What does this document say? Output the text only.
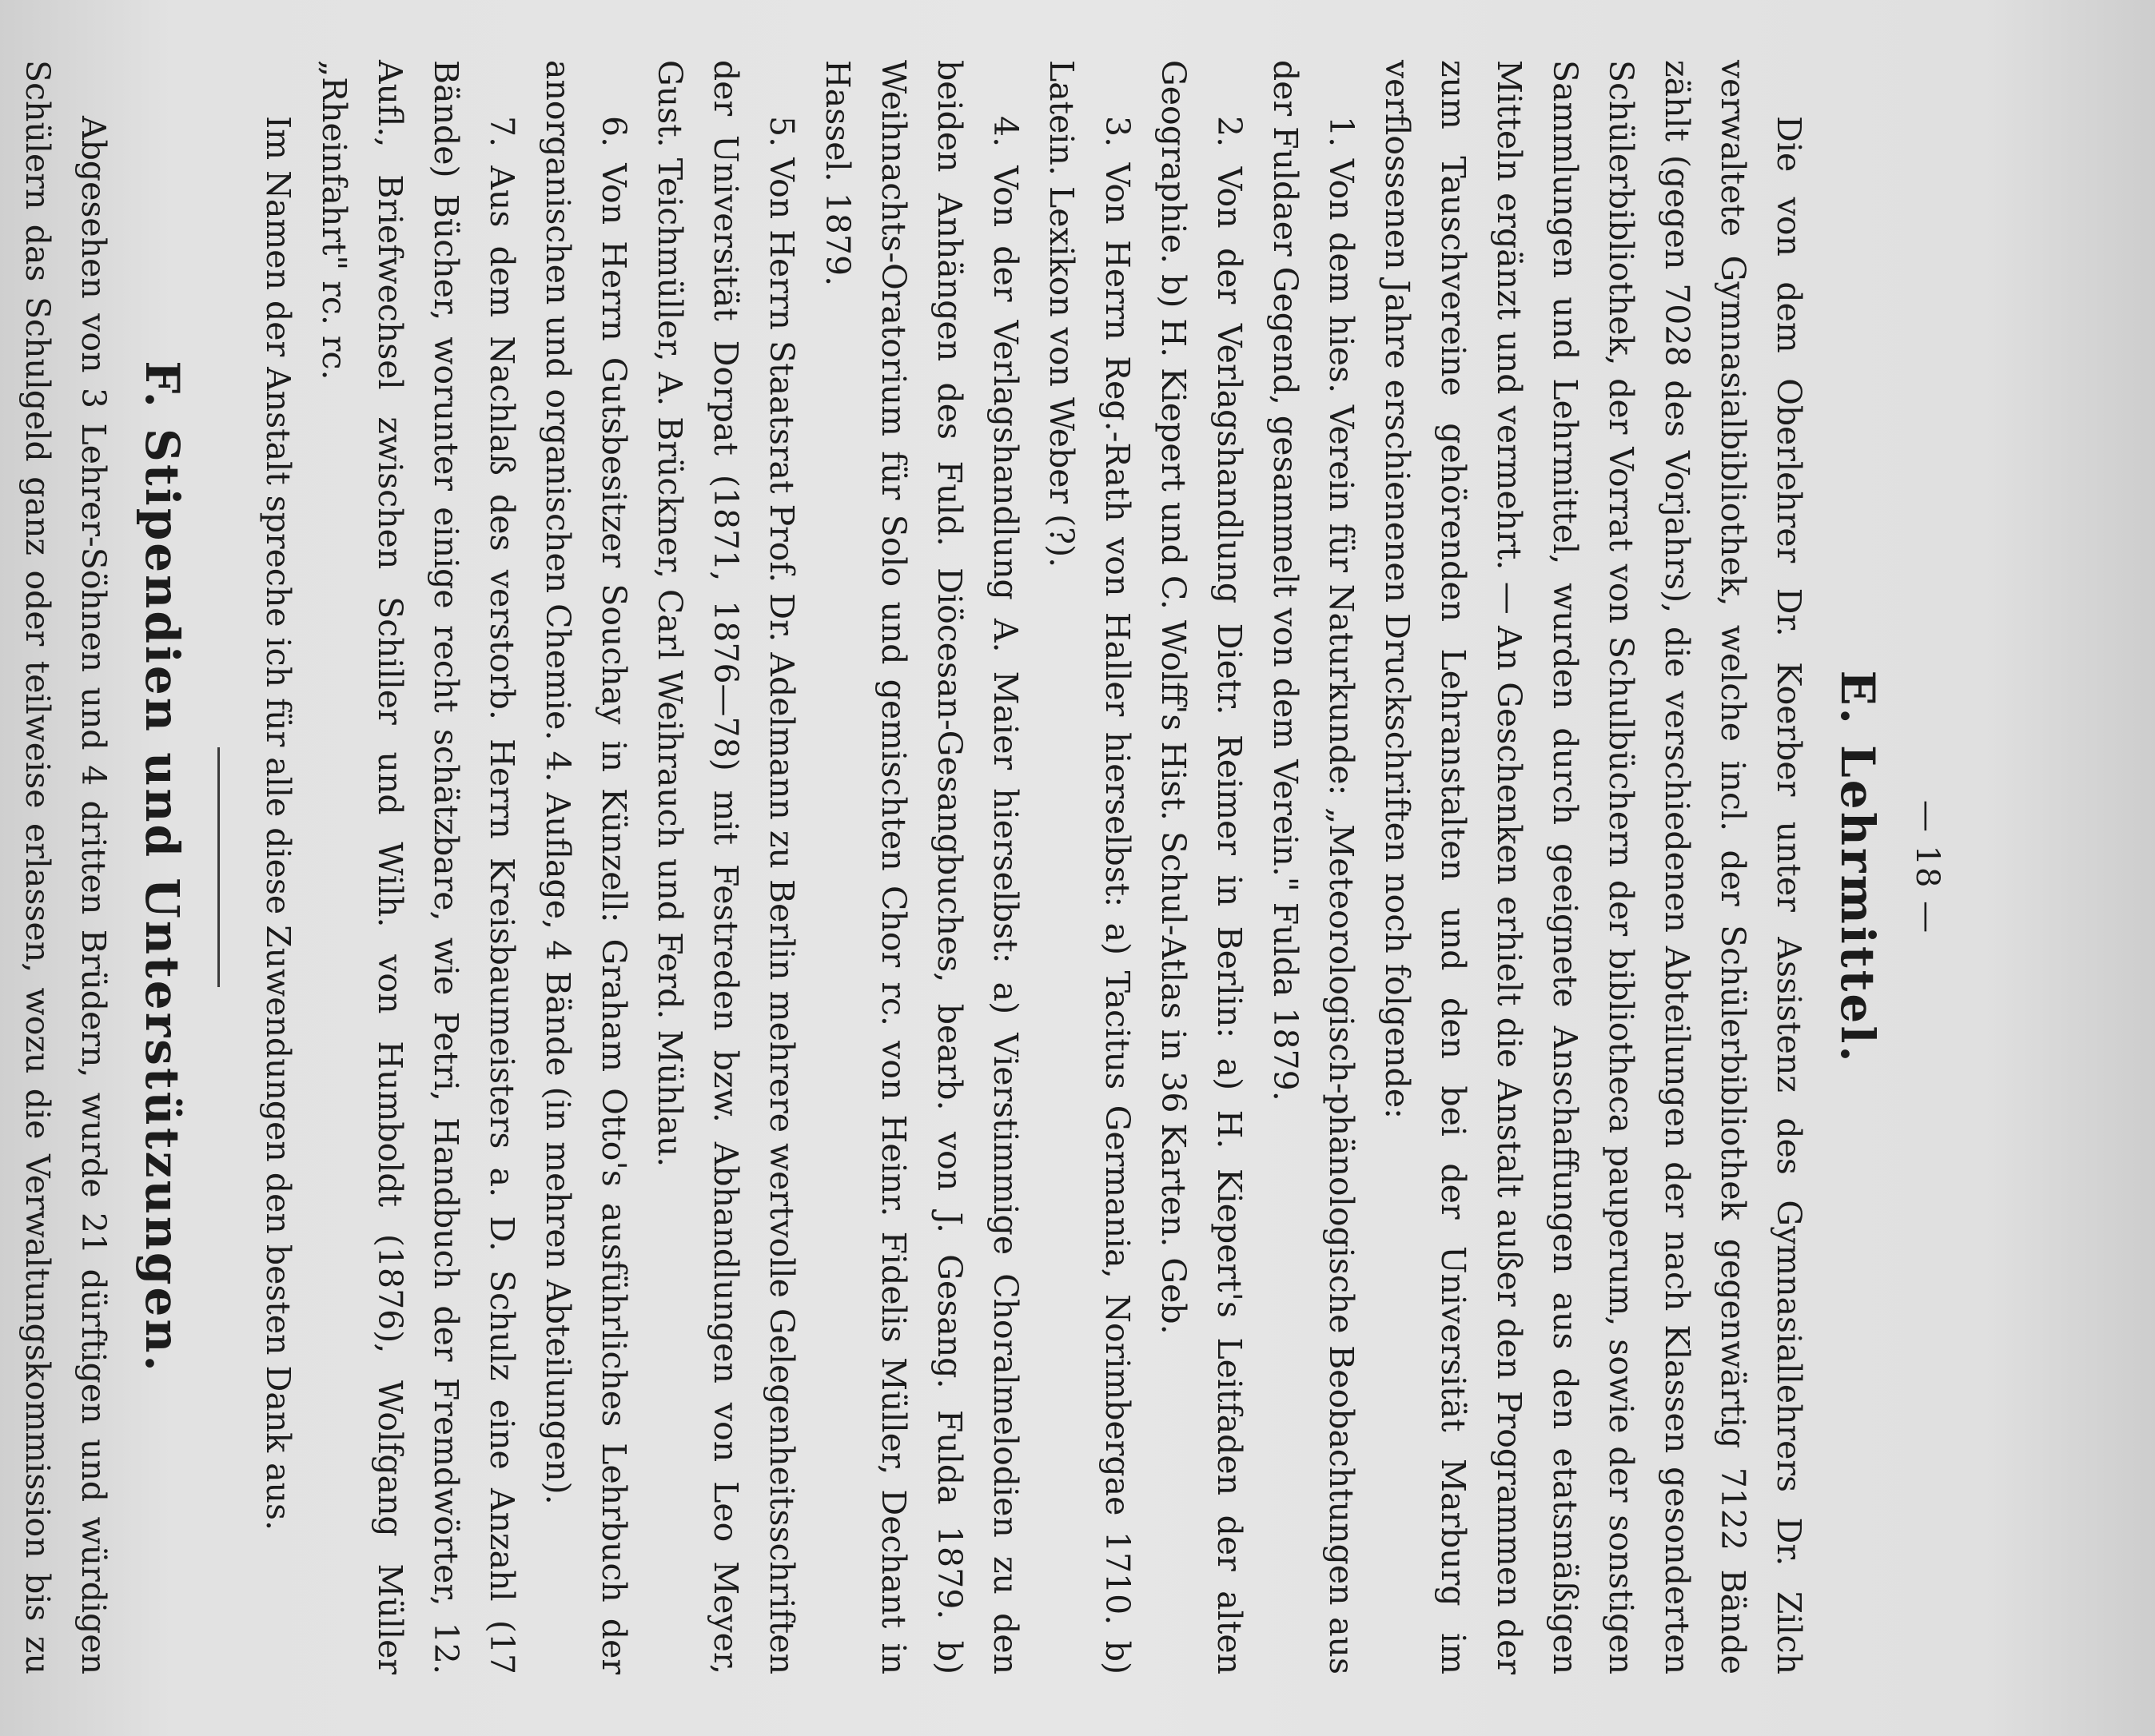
— 18 —
E. Lehrmittel.

Die von dem Oberlehrer Dr. Koerber unter Assistenz des Gymnasiallehrers Dr. Zilch verwaltete Gymnasialbibliothek, welche incl. der Schülerbibliothek gegenwärtig 7122 Bände zählt (gegen 7028 des Vorjahrs), die verschiedenen Abteilungen der nach Klassen gesonderten Schülerbibliothek, der Vorrat von Schulbüchern der bibliotheca pauperum, sowie der sonstigen Sammlungen und Lehrmittel, wurden durch geeignete Anschaffungen aus den etatsmäßigen Mitteln ergänzt und vermehrt. — An Geschenken erhielt die Anstalt außer den Programmen der zum Tauschvereine gehörenden Lehranstalten und den bei der Universität Marburg im verflossenen Jahre erschienenen Druckschriften noch folgende:

1. Von dem hies. Verein für Naturkunde: „Meteorologisch-phänologische Beobachtungen aus der Fuldaer Gegend, gesammelt von dem Verein." Fulda 1879.

2. Von der Verlagshandlung Dietr. Reimer in Berlin: a) H. Kiepert's Leitfaden der alten Geographie. b) H. Kiepert und C. Wolff's Hist. Schul-Atlas in 36 Karten. Geb.

3. Von Herrn Reg.-Rath von Haller hierselbst: a) Tacitus Germania, Norimbergae 1710. b) Latein. Lexikon von Weber (?).

4. Von der Verlagshandlung A. Maier hierselbst: a) Vierstimmige Choralmelodien zu den beiden Anhängen des Fuld. Diöcesan-Gesangbuches, bearb. von J. Gesang. Fulda 1879. b) Weihnachts-Oratorium für Solo und gemischten Chor rc. von Heinr. Fidelis Müller, Dechant in Hassel. 1879.

5. Von Herrn Staatsrat Prof. Dr. Adelmann zu Berlin mehrere wertvolle Gelegenheitsschriften der Universität Dorpat (1871, 1876—78) mit Festreden bzw. Abhandlungen von Leo Meyer, Gust. Teichmüller, A. Brückner, Carl Weihrauch und Ferd. Mühlau.

6. Von Herrn Gutsbesitzer Souchay in Künzell: Graham Otto's ausführliches Lehrbuch der anorganischen und organischen Chemie. 4. Auflage, 4 Bände (in mehren Abteilungen).

7. Aus dem Nachlaß des verstorb. Herrn Kreisbaumeisters a. D. Schulz eine Anzahl (17 Bände) Bücher, worunter einige recht schätzbare, wie Petri, Handbuch der Fremdwörter, 12. Aufl., Briefwechsel zwischen Schiller und Wilh. von Humboldt (1876), Wolfgang Müller „Rheinfahrt" rc. rc.

Im Namen der Anstalt spreche ich für alle diese Zuwendungen den besten Dank aus.

F. Stipendien und Unterstützungen.

Abgesehen von 3 Lehrer-Söhnen und 4 dritten Brüdern, wurde 21 dürftigen und würdigen Schülern das Schulgeld ganz oder teilweise erlassen, wozu die Verwaltungskommission bis zu
